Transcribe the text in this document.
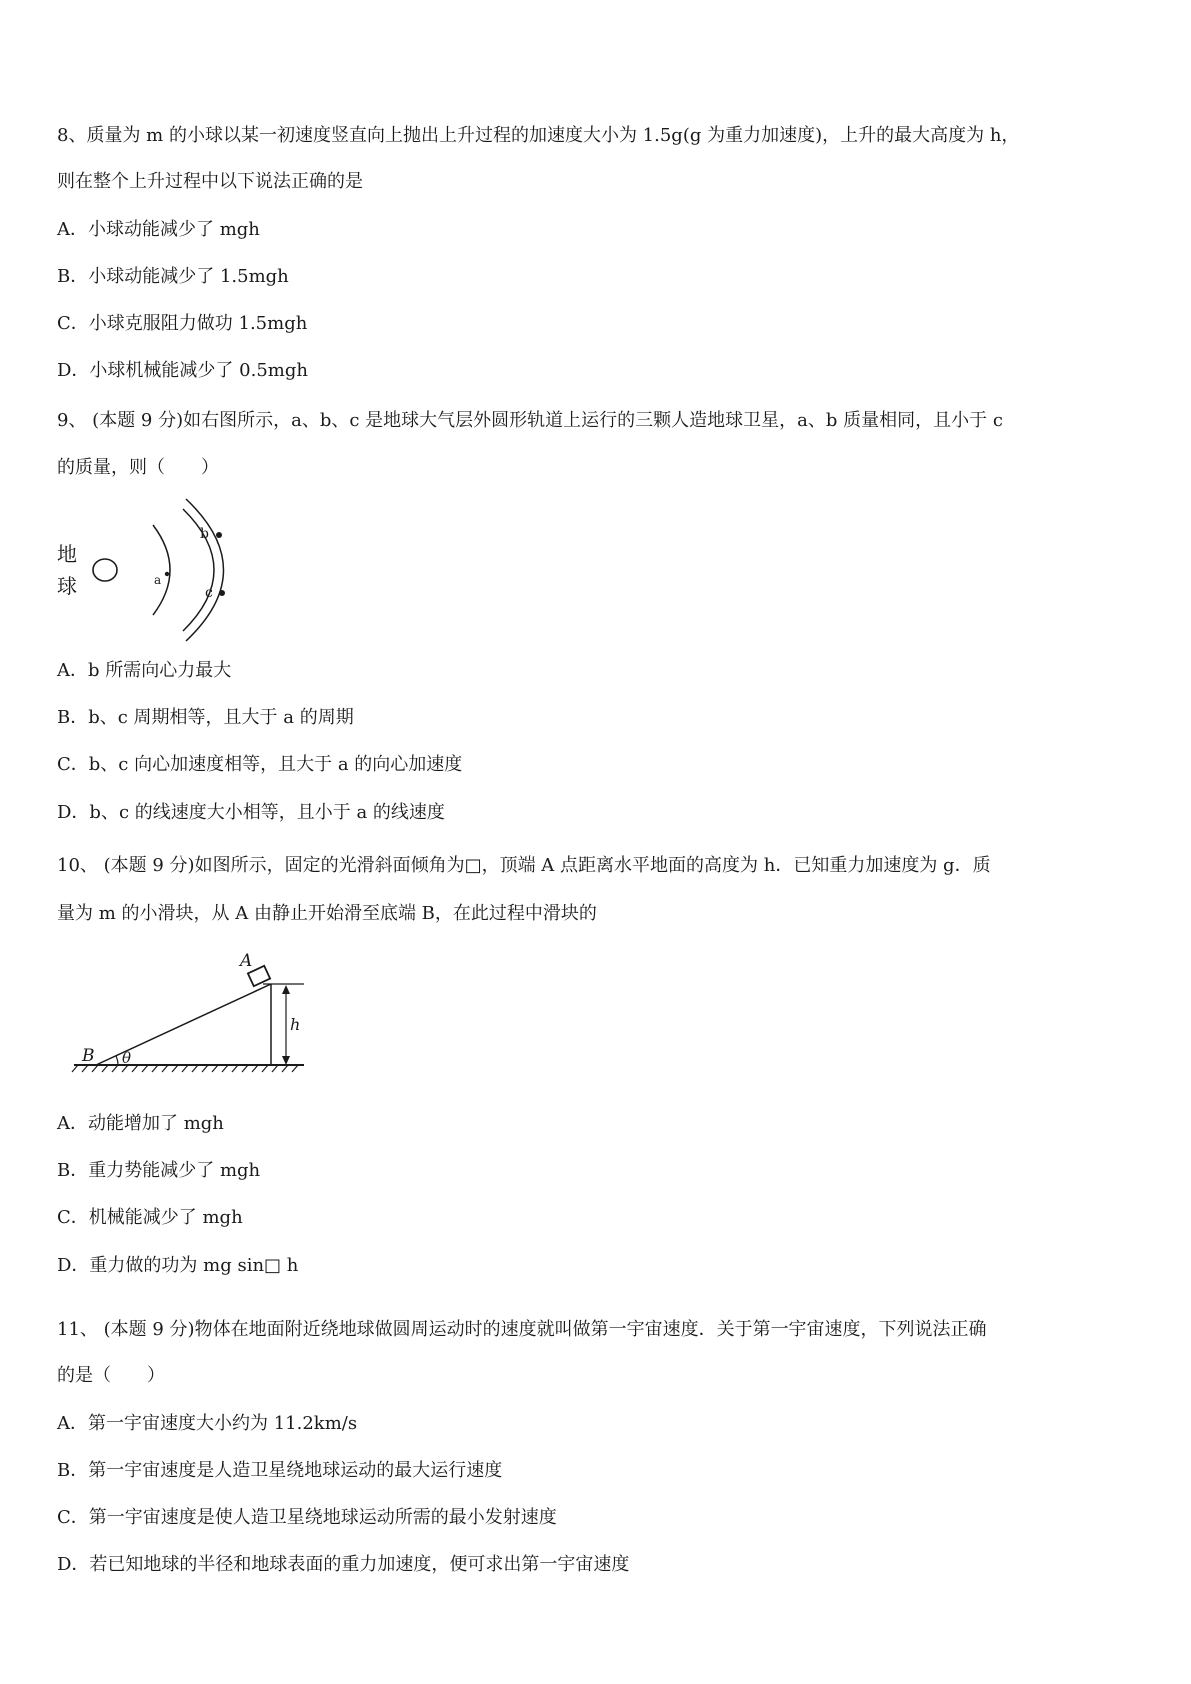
8、质量为 m 的小球以某一初速度竖直向上抛出上升过程的加速度大小为 1.5g(g 为重力加速度)，上升的最大高度为 h，
则在整个上升过程中以下说法正确的是
A．小球动能减少了 mgh
B．小球动能减少了 1.5mgh
C．小球克服阻力做功 1.5mgh
D．小球机械能减少了 0.5mgh
9、 (本题 9 分)如右图所示，a、b、c 是地球大气层外圆形轨道上运行的三颗人造地球卫星，a、b 质量相同，且小于 c
的质量，则（　　）
地
球	a
b
c
A．b 所需向心力最大
B．b、c 周期相等，且大于 a 的周期
C．b、c 向心加速度相等，且大于 a 的向心加速度
D．b、c 的线速度大小相等，且小于 a 的线速度
10、 (本题 9 分)如图所示，固定的光滑斜面倾角为□，顶端 A 点距离水平地面的高度为 h．已知重力加速度为 g．质
量为 m 的小滑块，从 A 由静止开始滑至底端 B，在此过程中滑块的
A
B
h
θ
A．动能增加了 mgh
B．重力势能减少了 mgh
C．机械能减少了 mgh
D．重力做的功为 mg sin□ h
11、 (本题 9 分)物体在地面附近绕地球做圆周运动时的速度就叫做第一宇宙速度．关于第一宇宙速度，下列说法正确
的是（　　）
A．第一宇宙速度大小约为 11.2km/s
B．第一宇宙速度是人造卫星绕地球运动的最大运行速度
C．第一宇宙速度是使人造卫星绕地球运动所需的最小发射速度
D．若已知地球的半径和地球表面的重力加速度，便可求出第一宇宙速度
